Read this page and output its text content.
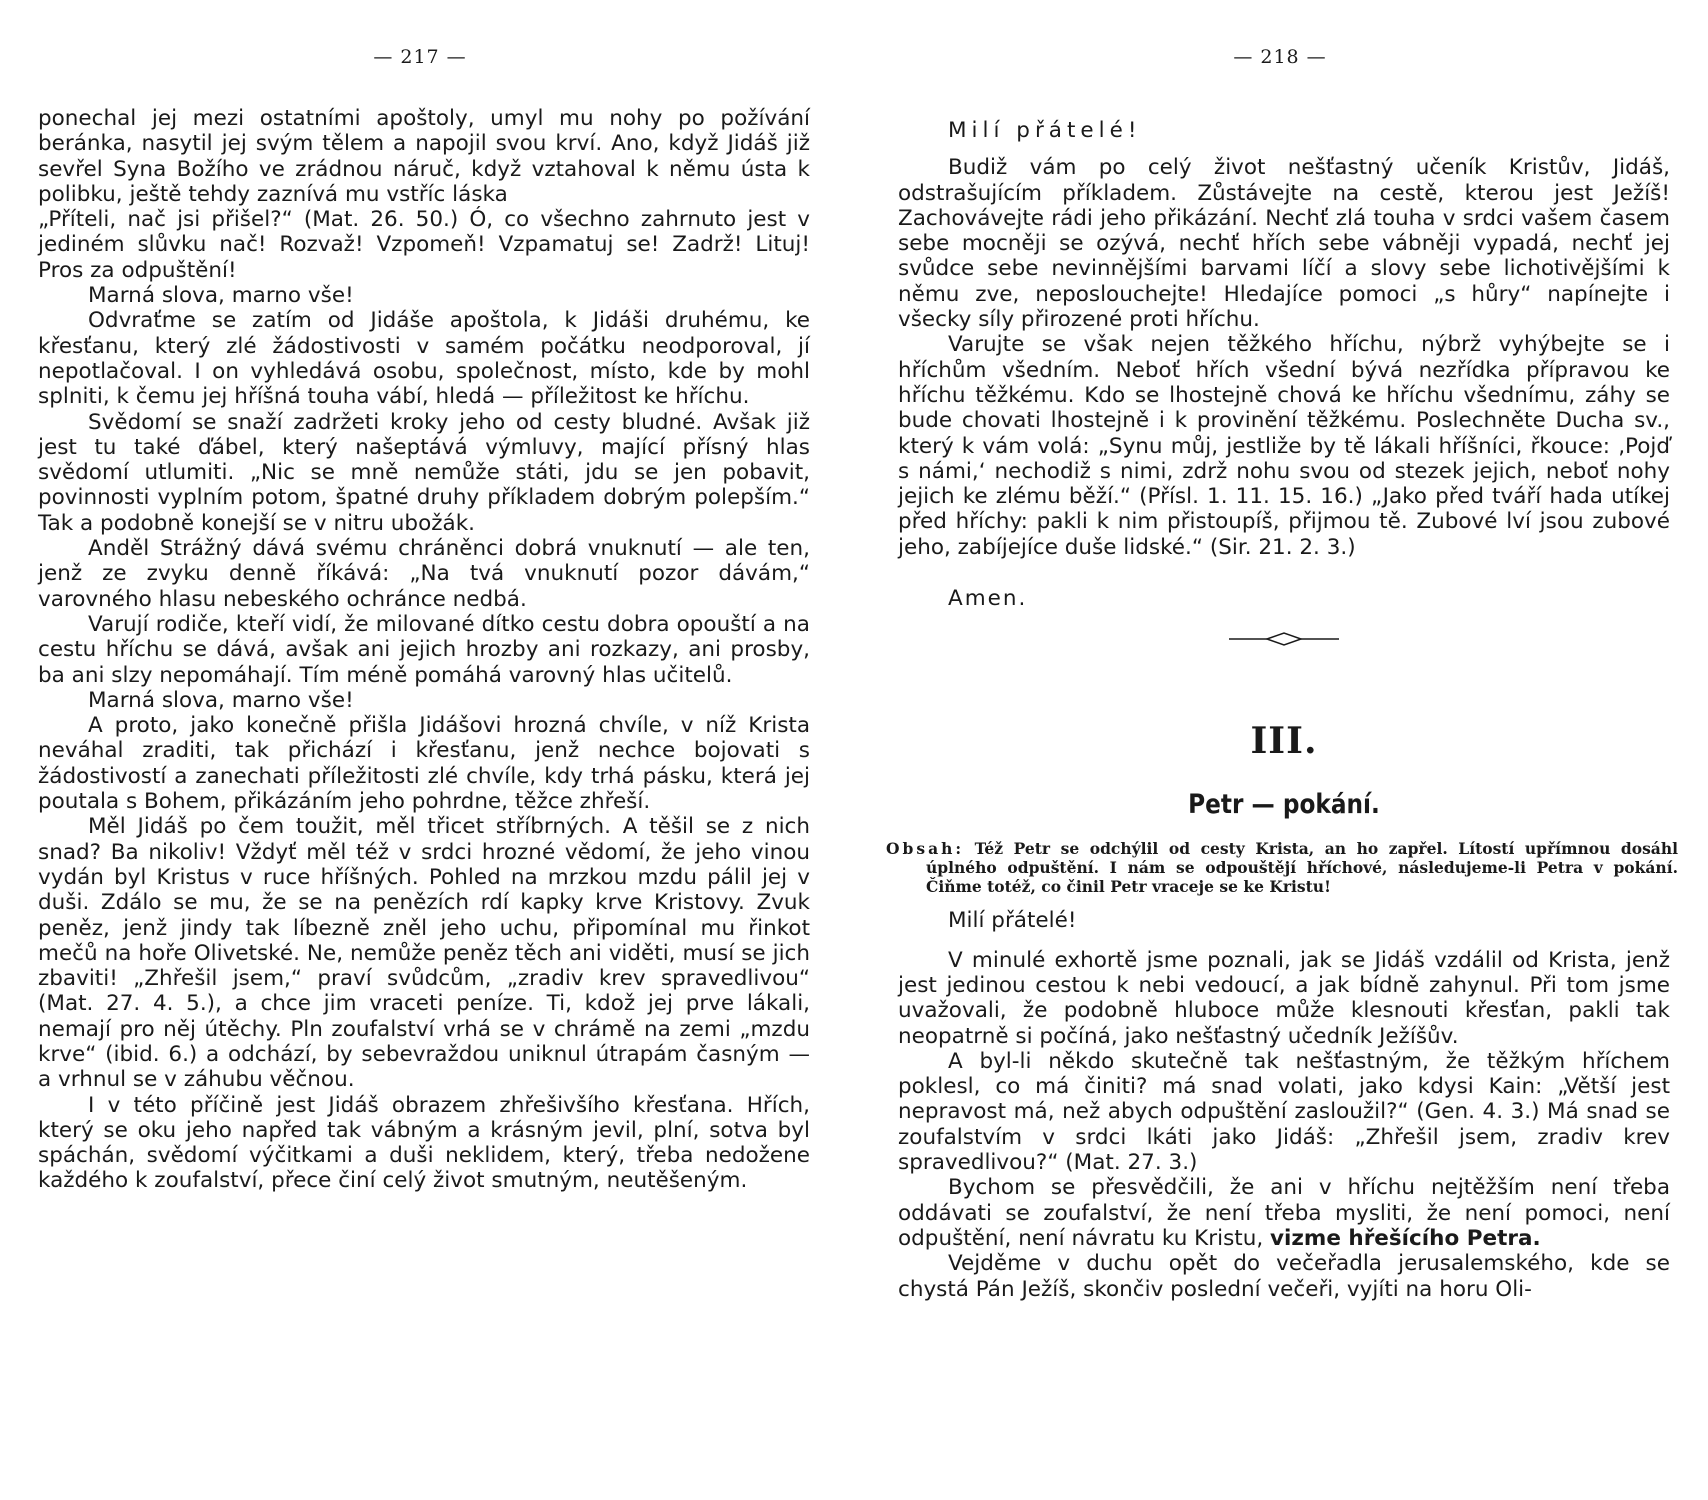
— 217 —

ponechal jej mezi ostatními apoštoly, umyl mu nohy po požívání beránka, nasytil jej svým tělem a napojil svou krví. Ano, když Jidáš již sevřel Syna Božího ve zrádnou náruč, když vztahoval k němu ústa k polibku, ještě tehdy zaznívá mu vstříc láska

„Příteli, nač jsi přišel?“ (Mat. 26. 50.) Ó, co všechno zahrnuto jest v jediném slůvku nač! Rozvaž! Vzpomeň! Vzpamatuj se! Zadrž! Lituj! Pros za odpuštění!

Marná slova, marno vše!

Odvraťme se zatím od Jidáše apoštola, k Jidáši druhému, ke křesťanu, který zlé žádostivosti v samém počátku neodporoval, jí nepotlačoval. I on vyhledává osobu, společnost, místo, kde by mohl splniti, k čemu jej hříšná touha vábí, hledá — příležitost ke hříchu.

Svědomí se snaží zadržeti kroky jeho od cesty bludné. Avšak již jest tu také ďábel, který našeptává výmluvy, mající přísný hlas svědomí utlumiti. „Nic se mně nemůže státi, jdu se jen pobavit, povinnosti vyplním potom, špatné druhy příkladem dobrým polepším.“ Tak a podobně konejší se v nitru ubožák.

Anděl Strážný dává svému chráněnci dobrá vnuknutí — ale ten, jenž ze zvyku denně říkává: „Na tvá vnuknutí pozor dávám,“ varovného hlasu nebeského ochránce nedbá.

Varují rodiče, kteří vidí, že milované dítko cestu dobra opouští a na cestu hříchu se dává, avšak ani jejich hrozby ani rozkazy, ani prosby, ba ani slzy nepomáhají. Tím méně pomáhá varovný hlas učitelů.

Marná slova, marno vše!

A proto, jako konečně přišla Jidášovi hrozná chvíle, v níž Krista neváhal zraditi, tak přichází i křesťanu, jenž nechce bojovati s žádostivostí a zanechati příležitosti zlé chvíle, kdy trhá pásku, která jej poutala s Bohem, přikázáním jeho pohrdne, těžce zhřeší.

Měl Jidáš po čem toužit, měl třicet stříbrných. A těšil se z nich snad? Ba nikoliv! Vždyť měl též v srdci hrozné vědomí, že jeho vinou vydán byl Kristus v ruce hříšných. Pohled na mrzkou mzdu pálil jej v duši. Zdálo se mu, že se na penězích rdí kapky krve Kristovy. Zvuk peněz, jenž jindy tak líbezně zněl jeho uchu, připomínal mu řinkot mečů na hoře Olivetské. Ne, nemůže peněz těch ani viděti, musí se jich zbaviti! „Zhřešil jsem,“ praví svůdcům, „zradiv krev spravedlivou“ (Mat. 27. 4. 5.), a chce jim vraceti peníze. Ti, kdož jej prve lákali, nemají pro něj útěchy. Pln zoufalství vrhá se v chrámě na zemi „mzdu krve“ (ibid. 6.) a odchází, by sebevraždou uniknul útrapám časným — a vrhnul se v záhubu věčnou.

I v této příčině jest Jidáš obrazem zhřešivšího křesťana. Hřích, který se oku jeho napřed tak vábným a krásným jevil, plní, sotva byl spáchán, svědomí výčitkami a duši neklidem, který, třeba nedožene každého k zoufalství, přece činí celý život smutným, neutěšeným.

— 218 —

Milí přátelé!

Budiž vám po celý život nešťastný učeník Kristův, Jidáš, odstrašujícím příkladem. Zůstávejte na cestě, kterou jest Ježíš! Zachovávejte rádi jeho přikázání. Nechť zlá touha v srdci vašem časem sebe mocněji se ozývá, nechť hřích sebe vábněji vypadá, nechť jej svůdce sebe nevinnějšími barvami líčí a slovy sebe lichotivějšími k němu zve, neposlouchejte! Hledajíce pomoci „s hůry“ napínejte i všecky síly přirozené proti hříchu.

Varujte se však nejen těžkého hříchu, nýbrž vyhýbejte se i hříchům všedním. Neboť hřích všední bývá nezřídka přípravou ke hříchu těžkému. Kdo se lhostejně chová ke hříchu všednímu, záhy se bude chovati lhostejně i k provinění těžkému. Poslechněte Ducha sv., který k vám volá: „Synu můj, jestliže by tě lákali hříšníci, řkouce: ‚Pojď s námi,‘ nechodiž s nimi, zdrž nohu svou od stezek jejich, neboť nohy jejich ke zlému běží.“ (Přísl. 1. 11. 15. 16.) „Jako před tváří hada utíkej před hříchy: pakli k nim přistoupíš, přijmou tě. Zubové lví jsou zubové jeho, zabíjejíce duše lidské.“ (Sir. 21. 2. 3.)

Amen.

III.
Petr — pokání.
Obsah: Též Petr se odchýlil od cesty Krista, an ho zapřel. Lítostí upřímnou dosáhl úplného odpuštění. I nám se odpouštějí hříchové, následujeme-li Petra v pokání. Čiňme totéž, co činil Petr vraceje se ke Kristu!

Milí přátelé!

V minulé exhortě jsme poznali, jak se Jidáš vzdálil od Krista, jenž jest jedinou cestou k nebi vedoucí, a jak bídně zahynul. Při tom jsme uvažovali, že podobně hluboce může klesnouti křesťan, pakli tak neopatrně si počíná, jako nešťastný učedník Ježíšův.

A byl-li někdo skutečně tak nešťastným, že těžkým hříchem poklesl, co má činiti? má snad volati, jako kdysi Kain: „Větší jest nepravost má, než abych odpuštění zasloužil?“ (Gen. 4. 3.) Má snad se zoufalstvím v srdci lkáti jako Jidáš: „Zhřešil jsem, zradiv krev spravedlivou?“ (Mat. 27. 3.)

Bychom se přesvědčili, že ani v hříchu nejtěžším není třeba oddávati se zoufalství, že není třeba mysliti, že není pomoci, není odpuštění, není návratu ku Kristu, vizme hřešícího Petra.

Vejděme v duchu opět do večeřadla jerusalemského, kde se chystá Pán Ježíš, skončiv poslední večeři, vyjíti na horu Oli-
